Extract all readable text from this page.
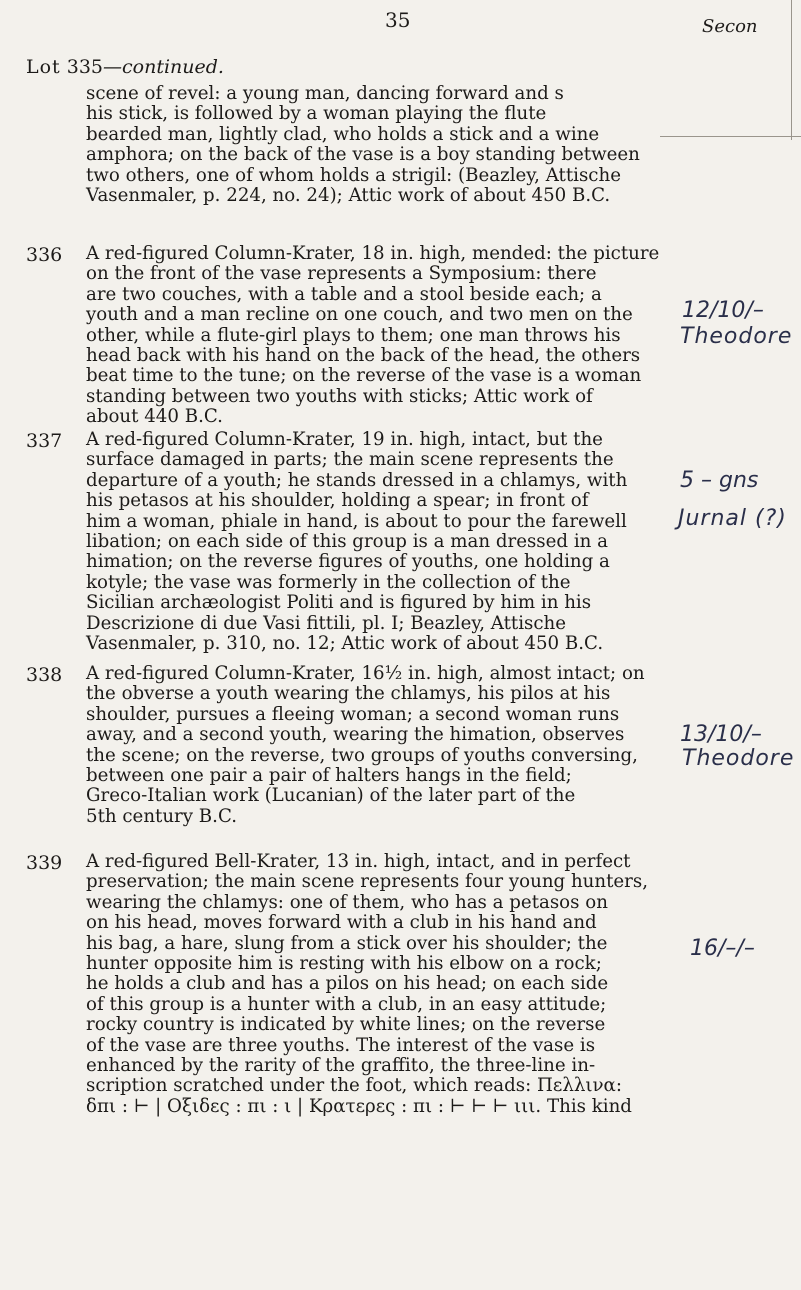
35	Secon
Lot 335—continued.
scene of revel: a young man, dancing forward and s
his stick, is followed by a woman playing the flute
bearded man, lightly clad, who holds a stick and a wine
amphora; on the back of the vase is a boy standing between
two others, one of whom holds a strigil: (Beazley, Attische
Vasenmaler, p. 224, no. 24); Attic work of about 450 B.C.
336 A red-figured Column-Krater, 18 in. high, mended: the picture
on the front of the vase represents a Symposium: there
are two couches, with a table and a stool beside each; a
youth and a man recline on one couch, and two men on the
other, while a flute-girl plays to them; one man throws his
head back with his hand on the back of the head, the others
beat time to the tune; on the reverse of the vase is a woman
standing between two youths with sticks; Attic work of
about 440 B.C.
12/10/–
Theodore
337 A red-figured Column-Krater, 19 in. high, intact, but the
surface damaged in parts; the main scene represents the
departure of a youth; he stands dressed in a chlamys, with
his petasos at his shoulder, holding a spear; in front of
him a woman, phiale in hand, is about to pour the farewell
libation; on each side of this group is a man dressed in a
himation; on the reverse figures of youths, one holding a
kotyle; the vase was formerly in the collection of the
Sicilian archæologist Politi and is figured by him in his
Descrizione di due Vasi fittili, pl. I; Beazley, Attische
Vasenmaler, p. 310, no. 12; Attic work of about 450 B.C.
5 – gns
Jurnal (?)
338 A red-figured Column-Krater, 16½ in. high, almost intact; on
the obverse a youth wearing the chlamys, his pilos at his
shoulder, pursues a fleeing woman; a second woman runs
away, and a second youth, wearing the himation, observes
the scene; on the reverse, two groups of youths conversing,
between one pair a pair of halters hangs in the field;
Greco-Italian work (Lucanian) of the later part of the
5th century B.C.
13/10/–
Theodore
339 A red-figured Bell-Krater, 13 in. high, intact, and in perfect
preservation; the main scene represents four young hunters,
wearing the chlamys: one of them, who has a petasos on
on his head, moves forward with a club in his hand and
his bag, a hare, slung from a stick over his shoulder; the
hunter opposite him is resting with his elbow on a rock;
he holds a club and has a pilos on his head; on each side
of this group is a hunter with a club, in an easy attitude;
rocky country is indicated by white lines; on the reverse
of the vase are three youths. The interest of the vase is
enhanced by the rarity of the graffito, the three-line in-
scription scratched under the foot, which reads: Πελλινα:
δπι : ⊢ | Oξιδες : πι : ι | Kρατερες : πι : ⊢ ⊢ ⊢ ιιι. This kind
16/–/–
